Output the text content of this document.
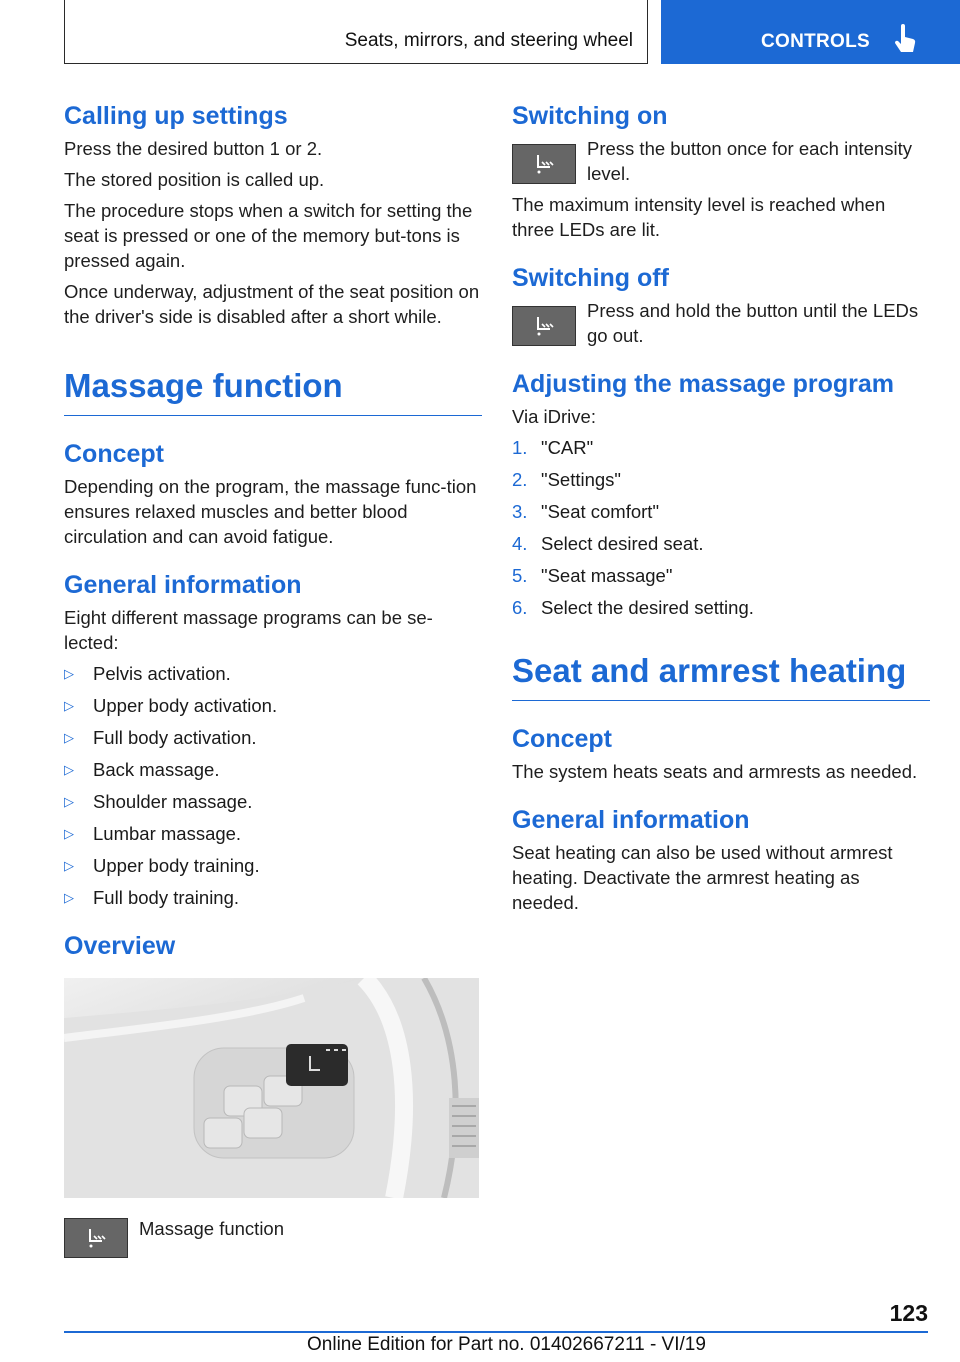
Seats, mirrors, and steering wheel	CONTROLS
Calling up settings

Press the desired button 1 or 2.

The stored position is called up.

The procedure stops when a switch for setting the seat is pressed or one of the memory but‐tons is pressed again.

Once underway, adjustment of the seat position on the driver's side is disabled after a short while.

Massage function
Concept

Depending on the program, the massage func‐tion ensures relaxed muscles and better blood circulation and can avoid fatigue.

General information

Eight different massage programs can be se‐lected:

▷ Pelvis activation.
▷ Upper body activation.
▷ Full body activation.
▷ Back massage.
▷ Shoulder massage.
▷ Lumbar massage.
▷ Upper body training.
▷ Full body training.
Overview

Massage function

Switching on

Press the button once for each intensity level.

The maximum intensity level is reached when three LEDs are lit.

Switching off

Press and hold the button until the LEDs go out.

Adjusting the massage program

Via iDrive:

1. "CAR"
2. "Settings"
3. "Seat comfort"
4. Select desired seat.
5. "Seat massage"
6. Select the desired setting.
Seat and armrest heating
Concept

The system heats seats and armrests as needed.

General information

Seat heating can also be used without armrest heating. Deactivate the armrest heating as needed.

123
Online Edition for Part no. 01402667211 - VI/19
